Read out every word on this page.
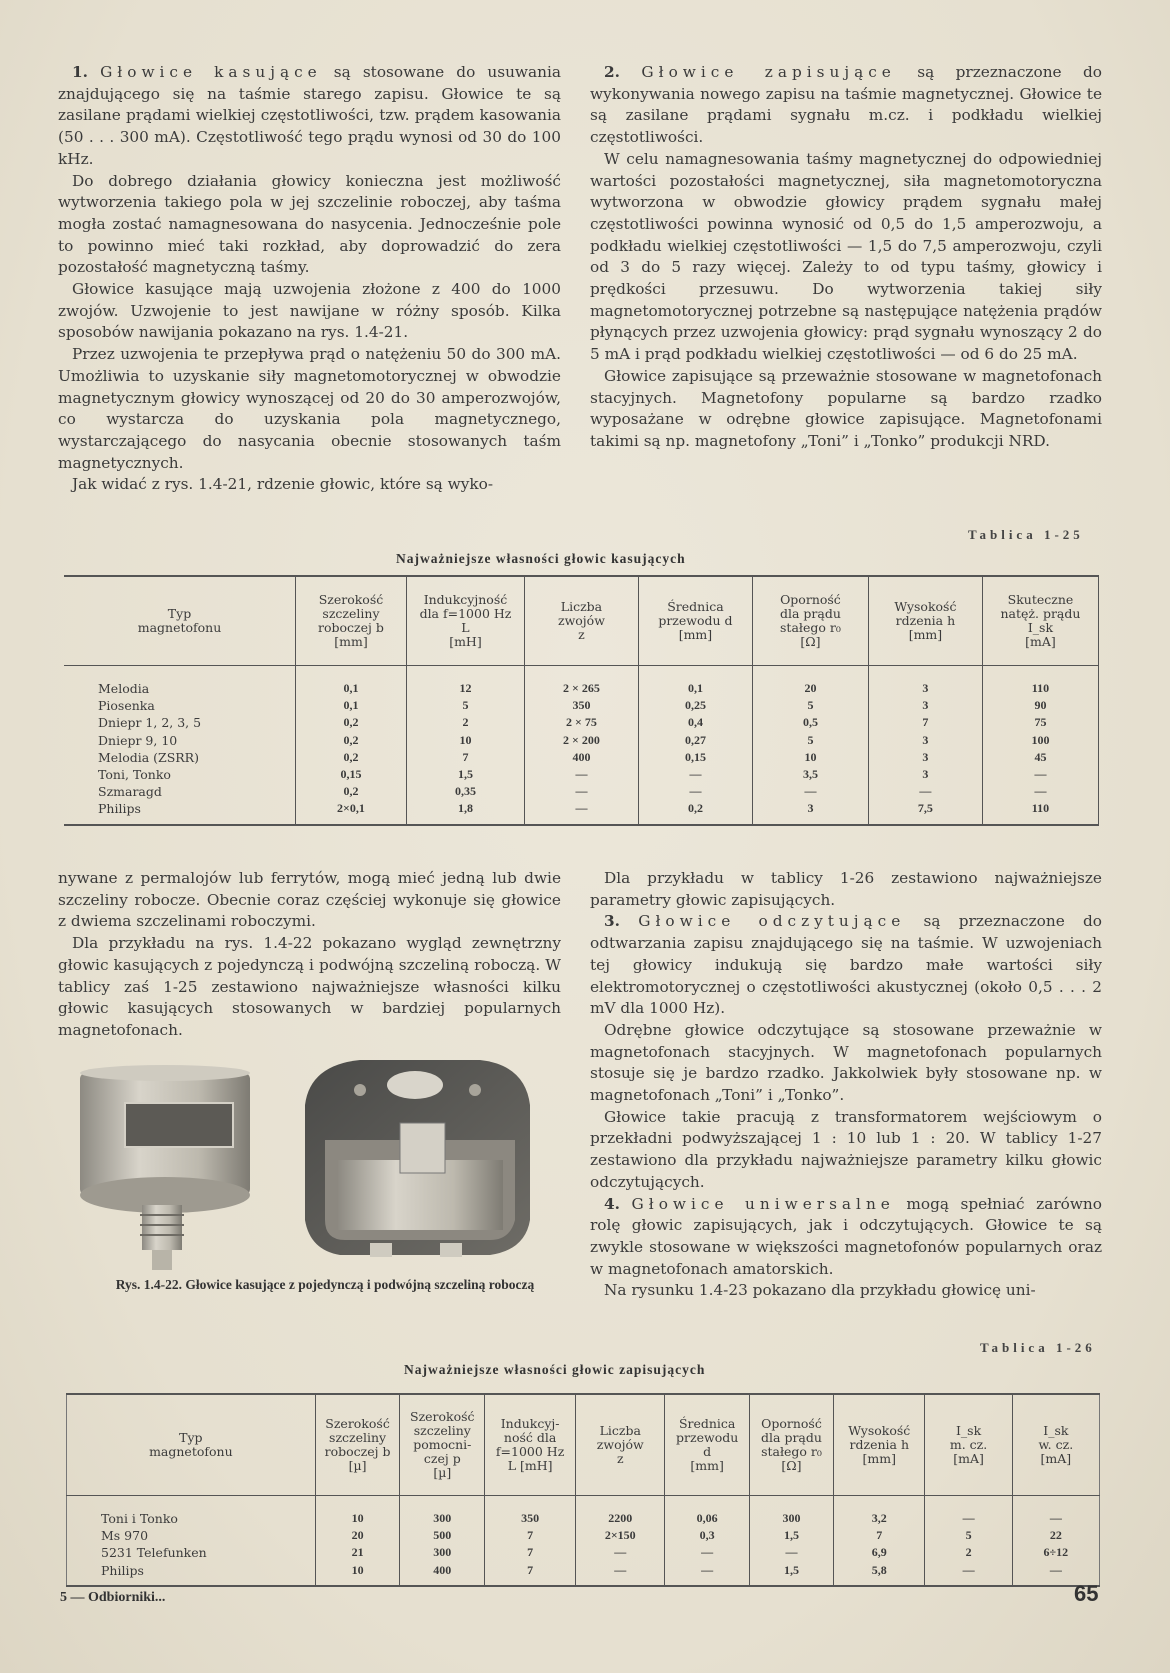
1. Głowice kasujące są stosowane do usuwania znajdującego się na taśmie starego zapisu. Głowice te są zasilane prądami wielkiej częstotliwości, tzw. prądem kasowania (50 . . . 300 mA). Częstotliwość tego prądu wynosi od 30 do 100 kHz.

Do dobrego działania głowicy konieczna jest możliwość wytworzenia takiego pola w jej szczelinie roboczej, aby taśma mogła zostać namagnesowana do nasycenia. Jednocześnie pole to powinno mieć taki rozkład, aby doprowadzić do zera pozostałość magnetyczną taśmy.

Głowice kasujące mają uzwojenia złożone z 400 do 1000 zwojów. Uzwojenie to jest nawijane w różny sposób. Kilka sposobów nawijania pokazano na rys. 1.4-21.

Przez uzwojenia te przepływa prąd o natężeniu 50 do 300 mA. Umożliwia to uzyskanie siły magnetomotorycznej w obwodzie magnetycznym głowicy wynoszącej od 20 do 30 amperozwojów, co wystarcza do uzyskania pola magnetycznego, wystarczającego do nasycania obecnie stosowanych taśm magnetycznych.

Jak widać z rys. 1.4-21, rdzenie głowic, które są wyko-

2. Głowice zapisujące są przeznaczone do wykonywania nowego zapisu na taśmie magnetycznej. Głowice te są zasilane prądami sygnału m.cz. i podkładu wielkiej częstotliwości.

W celu namagnesowania taśmy magnetycznej do odpowiedniej wartości pozostałości magnetycznej, siła magnetomotoryczna wytworzona w obwodzie głowicy prądem sygnału małej częstotliwości powinna wynosić od 0,5 do 1,5 amperozwoju, a podkładu wielkiej częstotliwości — 1,5 do 7,5 amperozwoju, czyli od 3 do 5 razy więcej. Zależy to od typu taśmy, głowicy i prędkości przesuwu. Do wytworzenia takiej siły magnetomotorycznej potrzebne są następujące natężenia prądów płynących przez uzwojenia głowicy: prąd sygnału wynoszący 2 do 5 mA i prąd podkładu wielkiej częstotliwości — od 6 do 25 mA.

Głowice zapisujące są przeważnie stosowane w magnetofonach stacyjnych. Magnetofony popularne są bardzo rzadko wyposażane w odrębne głowice zapisujące. Magnetofonami takimi są np. magnetofony „Toni” i „Tonko” produkcji NRD.

Tablica 1-25
Najważniejsze własności głowic kasujących
Typ
magnetofonu

Szerokość
szczeliny
roboczej b
[mm]

Indukcyjność
dla f=1000 Hz
L
[mH]

Liczba
zwojów
z

Średnica
przewodu d
[mm]

Oporność
dla prądu
stałego r₀
[Ω]

Wysokość
rdzenia h
[mm]

Skuteczne
natęż. prądu
I_sk
[mA]

Melodia	0,1	12	2 × 265	0,1	20	3	110
Piosenka	0,1	5	350	0,25	5	3	90
Dniepr 1, 2, 3, 5	0,2	2	2 × 75	0,4	0,5	7	75
Dniepr 9, 10	0,2	10	2 × 200	0,27	5	3	100
Melodia (ZSRR)	0,2	7	400	0,15	10	3	45
Toni, Tonko	0,15	1,5	—	—	3,5	3	—
Szmaragd	0,2	0,35	—	—	—	—	—
Philips	2×0,1	1,8	—	0,2	3	7,5	110

nywane z permalojów lub ferrytów, mogą mieć jedną lub dwie szczeliny robocze. Obecnie coraz częściej wykonuje się głowice z dwiema szczelinami roboczymi.

Dla przykładu na rys. 1.4-22 pokazano wygląd zewnętrzny głowic kasujących z pojedynczą i podwójną szczeliną roboczą. W tablicy zaś 1-25 zestawiono najważniejsze własności kilku głowic kasujących stosowanych w bardziej popularnych magnetofonach.

Rys. 1.4-22. Głowice kasujące z pojedynczą i podwójną szczeliną roboczą

Dla przykładu w tablicy 1-26 zestawiono najważniejsze parametry głowic zapisujących.

3. Głowice odczytujące są przeznaczone do odtwarzania zapisu znajdującego się na taśmie. W uzwojeniach tej głowicy indukują się bardzo małe wartości siły elektromotorycznej o częstotliwości akustycznej (około 0,5 . . . 2 mV dla 1000 Hz).

Odrębne głowice odczytujące są stosowane przeważnie w magnetofonach stacyjnych. W magnetofonach popularnych stosuje się je bardzo rzadko. Jakkolwiek były stosowane np. w magnetofonach „Toni” i „Tonko”.

Głowice takie pracują z transformatorem wejściowym o przekładni podwyższającej 1 : 10 lub 1 : 20. W tablicy 1-27 zestawiono dla przykładu najważniejsze parametry kilku głowic odczytujących.

4. Głowice uniwersalne mogą spełniać zarówno rolę głowic zapisujących, jak i odczytujących. Głowice te są zwykle stosowane w większości magnetofonów popularnych oraz w magnetofonach amatorskich.

Na rysunku 1.4-23 pokazano dla przykładu głowicę uni-

Tablica 1-26
Najważniejsze własności głowic zapisujących
Typ
magnetofonu

Szerokość
szczeliny
roboczej b
[µ]

Szerokość
szczeliny
pomocni-
czej p
[µ]

Indukcyj-
ność dla
f=1000 Hz
L [mH]

Liczba
zwojów
z

Średnica
przewodu
d
[mm]

Oporność
dla prądu
stałego r₀
[Ω]

Wysokość
rdzenia h
[mm]

I_sk
m. cz.
[mA]

I_sk
w. cz.
[mA]

Toni i Tonko	10	300	350	2200	0,06	300	3,2	—	—
Ms 970	20	500	7	2×150	0,3	1,5	7	5	22
5231 Telefunken	21	300	7	—	—	—	6,9	2	6÷12
Philips	10	400	7	—	—	1,5	5,8	—	—
5 — Odbiorniki...	65
